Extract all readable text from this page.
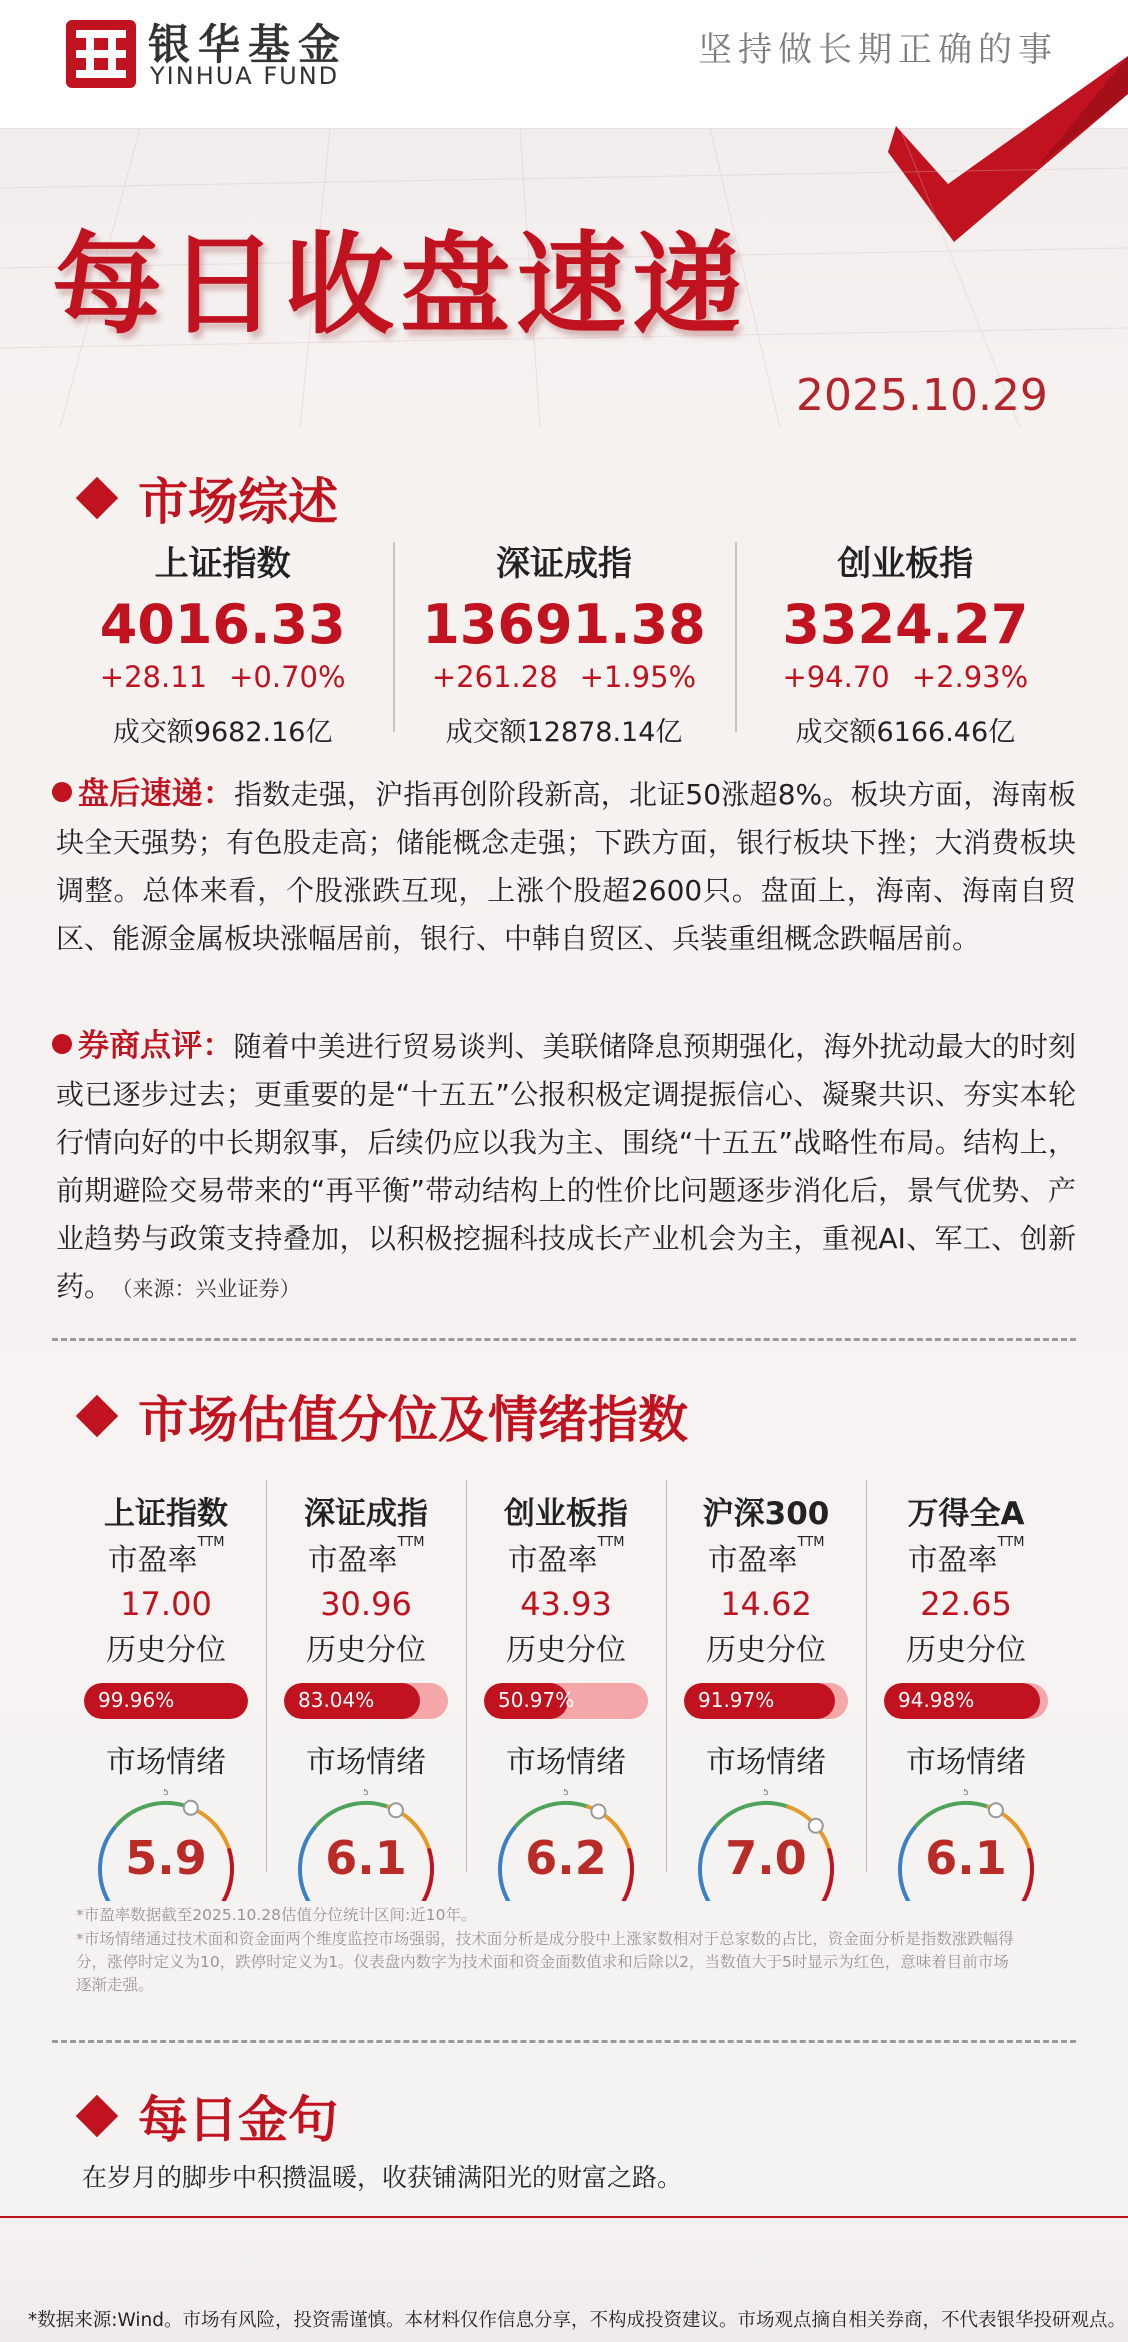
银华基金
YINHUA FUND
坚持做长期正确的事
每日收盘速递
2025.10.29
市场综述
上证指数
4016.33
+28.11 +0.70%
成交额9682.16亿
深证成指
13691.38
+261.28 +1.95%
成交额12878.14亿
创业板指
3324.27
+94.70 +2.93%
成交额6166.46亿
盘后速递：指数走强，沪指再创阶段新高，北证50涨超8%。板块方面，海南板块全天强势；有色股走高；储能概念走强；下跌方面，银行板块下挫；大消费板块调整。总体来看，个股涨跌互现，上涨个股超2600只。盘面上，海南、海南自贸区、能源金属板块涨幅居前，银行、中韩自贸区、兵装重组概念跌幅居前。
券商点评：随着中美进行贸易谈判、美联储降息预期强化，海外扰动最大的时刻或已逐步过去；更重要的是“十五五”公报积极定调提振信心、凝聚共识、夯实本轮行情向好的中长期叙事，后续仍应以我为主、围绕“十五五”战略性布局。结构上，前期避险交易带来的“再平衡”带动结构上的性价比问题逐步消化后，景气优势、产业趋势与政策支持叠加，以积极挖掘科技成长产业机会为主，重视AI、军工、创新药。 （来源：兴业证券）
市场估值分位及情绪指数
上证指数
市盈率$^{TTM}$
17.00
历史分位
99.96%
市场情绪
5
5.9
深证成指
市盈率$^{TTM}$
30.96
历史分位
83.04%
市场情绪
5
6.1
创业板指
市盈率$^{TTM}$
43.93
历史分位
50.97%
市场情绪
5
6.2
沪深300
市盈率$^{TTM}$
14.62
历史分位
91.97%
市场情绪
5
7.0
万得全A
市盈率$^{TTM}$
22.65
历史分位
94.98%
市场情绪
5
6.1
*市盈率数据截至2025.10.28估值分位统计区间:近10年。
*市场情绪通过技术面和资金面两个维度监控市场强弱，技术面分析是成分股中上涨家数相对于总家数的占比，资金面分析是指数涨跌幅得分，涨停时定义为10，跌停时定义为1。仪表盘内数字为技术面和资金面数值求和后除以2，当数值大于5时显示为红色，意味着目前市场逐渐走强。
每日金句
在岁月的脚步中积攒温暖，收获铺满阳光的财富之路。
*数据来源:Wind。市场有风险，投资需谨慎。本材料仅作信息分享，不构成投资建议。市场观点摘自相关券商，不代表银华投研观点。
